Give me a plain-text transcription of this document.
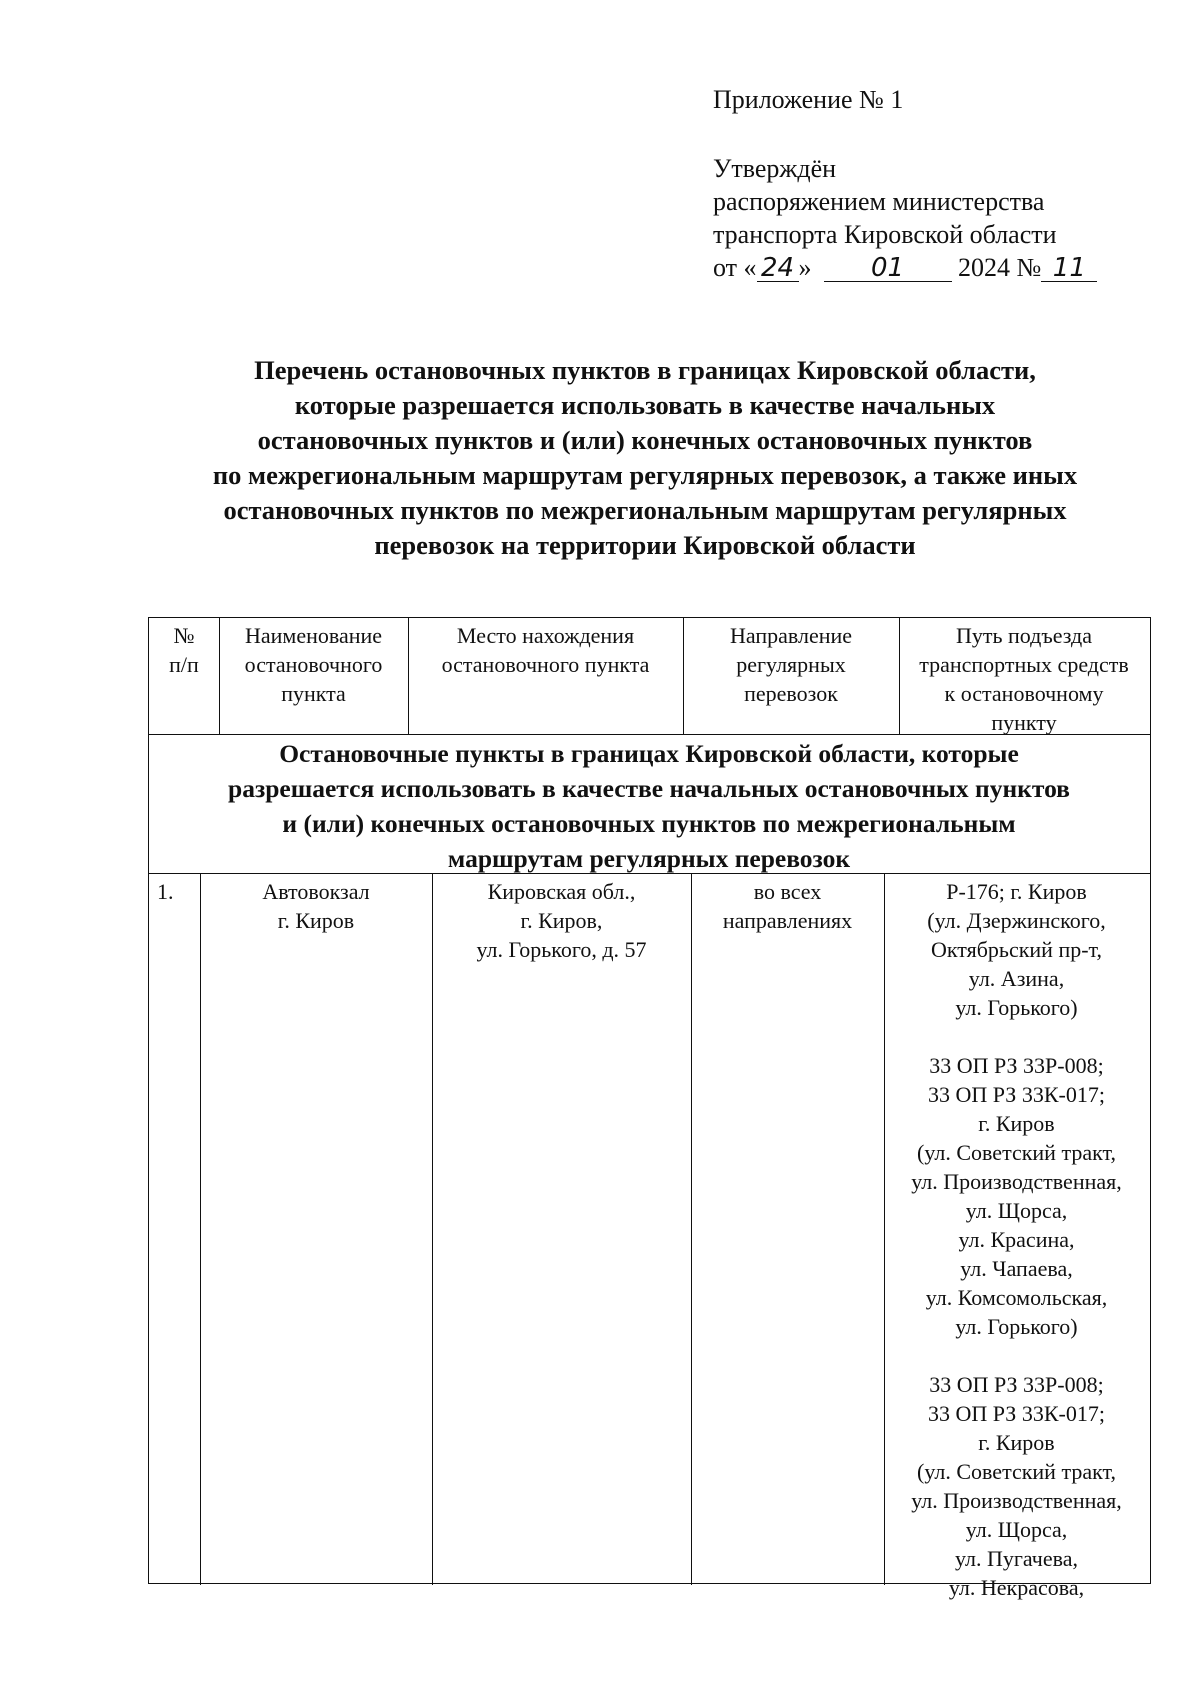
Приложение № 1
Утверждён
распоряжением министерства
транспорта Кировской области
от « 24 » 01 2024 № 11
Перечень остановочных пунктов в границах Кировской области,
которые разрешается использовать в качестве начальных
остановочных пунктов и (или) конечных остановочных пунктов
по межрегиональным маршрутам регулярных перевозок, а также иных
остановочных пунктов по межрегиональным маршрутам регулярных
перевозок на территории Кировской области
№
п/п
Наименование
остановочного
пункта
Место нахождения
остановочного пункта
Направление
регулярных
перевозок
Путь подъезда
транспортных средств
к остановочному
пункту
Остановочные пункты в границах Кировской области, которые
разрешается использовать в качестве начальных остановочных пунктов
и (или) конечных остановочных пунктов по межрегиональным
маршрутам регулярных перевозок
1.	Автовокзал
г. Киров
Кировская обл.,
г. Киров,
ул. Горького, д. 57
во всех
направлениях
Р-176; г. Киров
(ул. Дзержинского,
Октябрьский пр-т,
ул. Азина,
ул. Горького)
33 ОП РЗ 33Р-008;
33 ОП РЗ 33К-017;
г. Киров
(ул. Советский тракт,
ул. Производственная,
ул. Щорса,
ул. Красина,
ул. Чапаева,
ул. Комсомольская,
ул. Горького)
33 ОП РЗ 33Р-008;
33 ОП РЗ 33К-017;
г. Киров
(ул. Советский тракт,
ул. Производственная,
ул. Щорса,
ул. Пугачева,
ул. Некрасова,
